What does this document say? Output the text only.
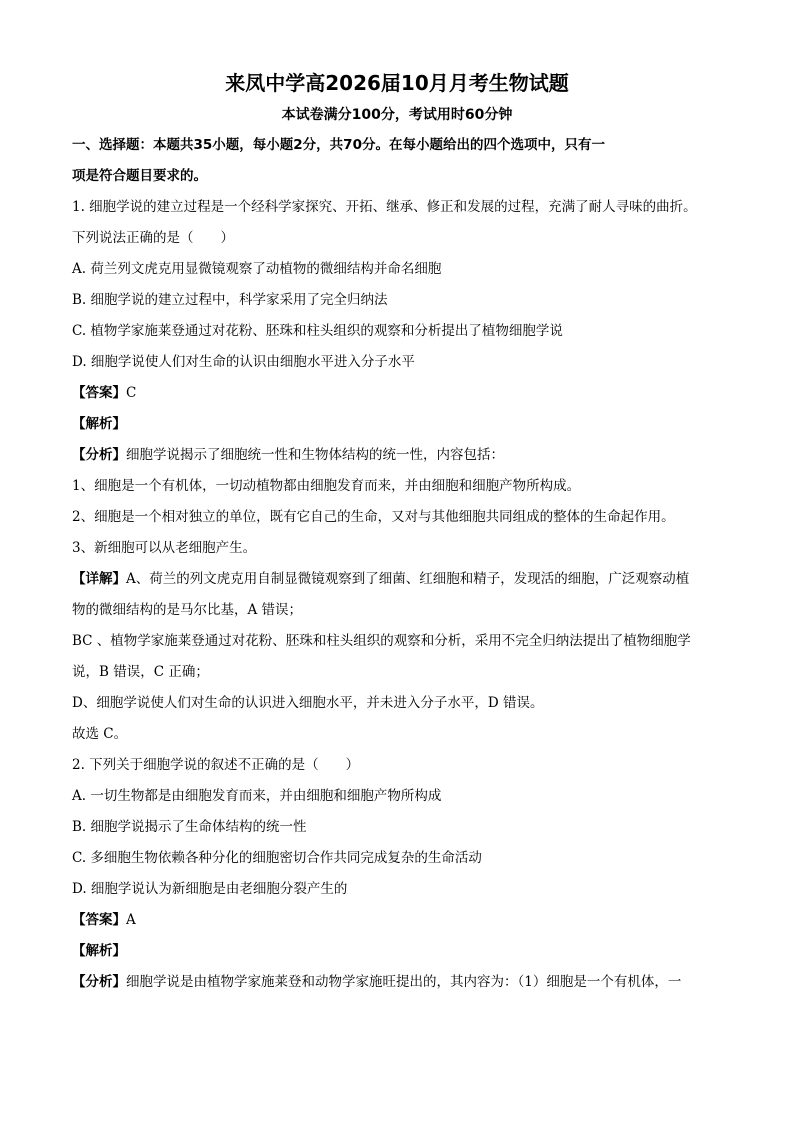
来凤中学高2026届10月月考生物试题
本试卷满分100分，考试用时60分钟

一、选择题：本题共35小题，每小题2分，共70分。在每小题给出的四个选项中，只有一

项是符合题目要求的。

1. 细胞学说的建立过程是一个经科学家探究、开拓、继承、修正和发展的过程，充满了耐人寻味的曲折。

下列说法正确的是（　　）

A. 荷兰列文虎克用显微镜观察了动植物的微细结构并命名细胞

B. 细胞学说的建立过程中，科学家采用了完全归纳法

C. 植物学家施莱登通过对花粉、胚珠和柱头组织的观察和分析提出了植物细胞学说

D. 细胞学说使人们对生命的认识由细胞水平进入分子水平

【答案】C

【解析】

【分析】细胞学说揭示了细胞统一性和生物体结构的统一性，内容包括：

1、细胞是一个有机体，一切动植物都由细胞发育而来，并由细胞和细胞产物所构成。

2、细胞是一个相对独立的单位，既有它自己的生命，又对与其他细胞共同组成的整体的生命起作用。

3、新细胞可以从老细胞产生。

【详解】A、荷兰的列文虎克用自制显微镜观察到了细菌、红细胞和精子，发现活的细胞，广泛观察动植

物的微细结构的是马尔比基，A 错误；

BC 、植物学家施莱登通过对花粉、胚珠和柱头组织的观察和分析，采用不完全归纳法提出了植物细胞学

说，B 错误，C 正确；

D、细胞学说使人们对生命的认识进入细胞水平，并未进入分子水平，D 错误。

故选 C。

2. 下列关于细胞学说的叙述不正确的是（　　）

A. 一切生物都是由细胞发育而来，并由细胞和细胞产物所构成

B. 细胞学说揭示了生命体结构的统一性

C. 多细胞生物依赖各种分化的细胞密切合作共同完成复杂的生命活动

D. 细胞学说认为新细胞是由老细胞分裂产生的

【答案】A

【解析】

【分析】细胞学说是由植物学家施莱登和动物学家施旺提出的，其内容为：（1）细胞是一个有机体，一
